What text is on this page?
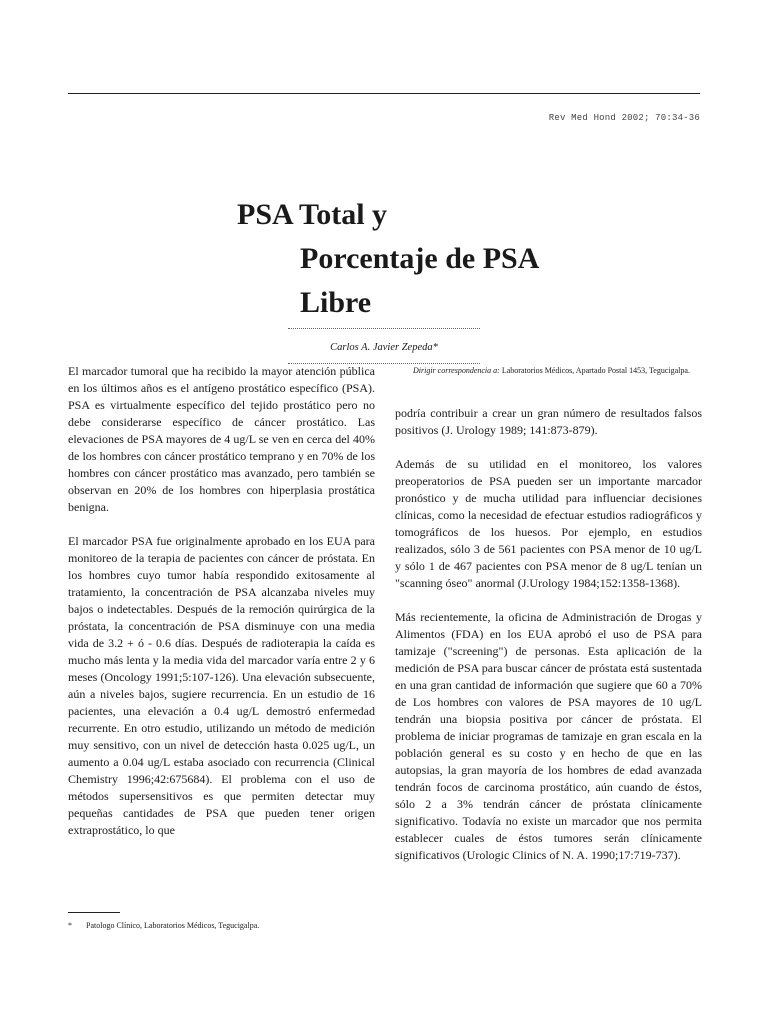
Rev Med Hond 2002; 70:34-36
PSA Total y
Porcentaje de PSA
Libre
Carlos A. Javier Zepeda*
Dirigir correspondencia a: Laboratorios Médicos, Apartado Postal 1453, Tegucigalpa.

El marcador tumoral que ha recibido la mayor atención pública en los últimos años es el antígeno prostático específico (PSA). PSA es virtualmente específico del tejido prostático pero no debe considerarse específico de cáncer prostático. Las elevaciones de PSA mayores de 4 ug/L se ven en cerca del 40% de los hombres con cáncer prostático temprano y en 70% de los hombres con cáncer prostático mas avanzado, pero también se observan en 20% de los hombres con hiperplasia prostática benigna.

El marcador PSA fue originalmente aprobado en los EUA para monitoreo de la terapia de pacientes con cáncer de próstata. En los hombres cuyo tumor había respondido exitosamente al tratamiento, la concentración de PSA alcanzaba niveles muy bajos o indetectables. Después de la remoción quirúrgica de la próstata, la concentración de PSA disminuye con una media vida de 3.2 + ó - 0.6 días. Después de radioterapia la caída es mucho más lenta y la media vida del marcador varía entre 2 y 6 meses (Oncology 1991;5:107-126). Una elevación subsecuente, aún a niveles bajos, sugiere recurrencia. En un estudio de 16 pacientes, una elevación a 0.4 ug/L demostró enfermedad recurrente. En otro estudio, utilizando un método de medición muy sensitivo, con un nivel de detección hasta 0.025 ug/L, un aumento a 0.04 ug/L estaba asociado con recurrencia (Clinical Chemistry 1996;42:675684). El problema con el uso de métodos supersensitivos es que permiten detectar muy pequeñas cantidades de PSA que pueden tener origen extraprostático, lo que

podría contribuir a crear un gran número de resultados falsos positivos (J. Urology 1989; 141:873-879).

Además de su utilidad en el monitoreo, los valores preoperatorios de PSA pueden ser un importante marcador pronóstico y de mucha utilidad para influenciar decisiones clínicas, como la necesidad de efectuar estudios radiográficos y tomográficos de los huesos. Por ejemplo, en estudios realizados, sólo 3 de 561 pacientes con PSA menor de 10 ug/L y sólo 1 de 467 pacientes con PSA menor de 8 ug/L tenían un "scanning óseo" anormal (J.Urology 1984;152:1358-1368).

Más recientemente, la oficina de Administración de Drogas y Alimentos (FDA) en los EUA aprobó el uso de PSA para tamizaje ("screening") de personas. Esta aplicación de la medición de PSA para buscar cáncer de próstata está sustentada en una gran cantidad de información que sugiere que 60 a 70% de Los hombres con valores de PSA mayores de 10 ug/L tendrán una biopsia positiva por cáncer de próstata. El problema de iniciar programas de tamizaje en gran escala en la población general es su costo y en hecho de que en las autopsias, la gran mayoría de los hombres de edad avanzada tendrán focos de carcinoma prostático, aún cuando de éstos, sólo 2 a 3% tendrán cáncer de próstata clínicamente significativo. Todavía no existe un marcador que nos permita establecer cuales de éstos tumores serán clínicamente significativos (Urologic Clinics of N. A. 1990;17:719-737).

* Patologo Clínico, Laboratorios Médicos, Tegucigalpa.
